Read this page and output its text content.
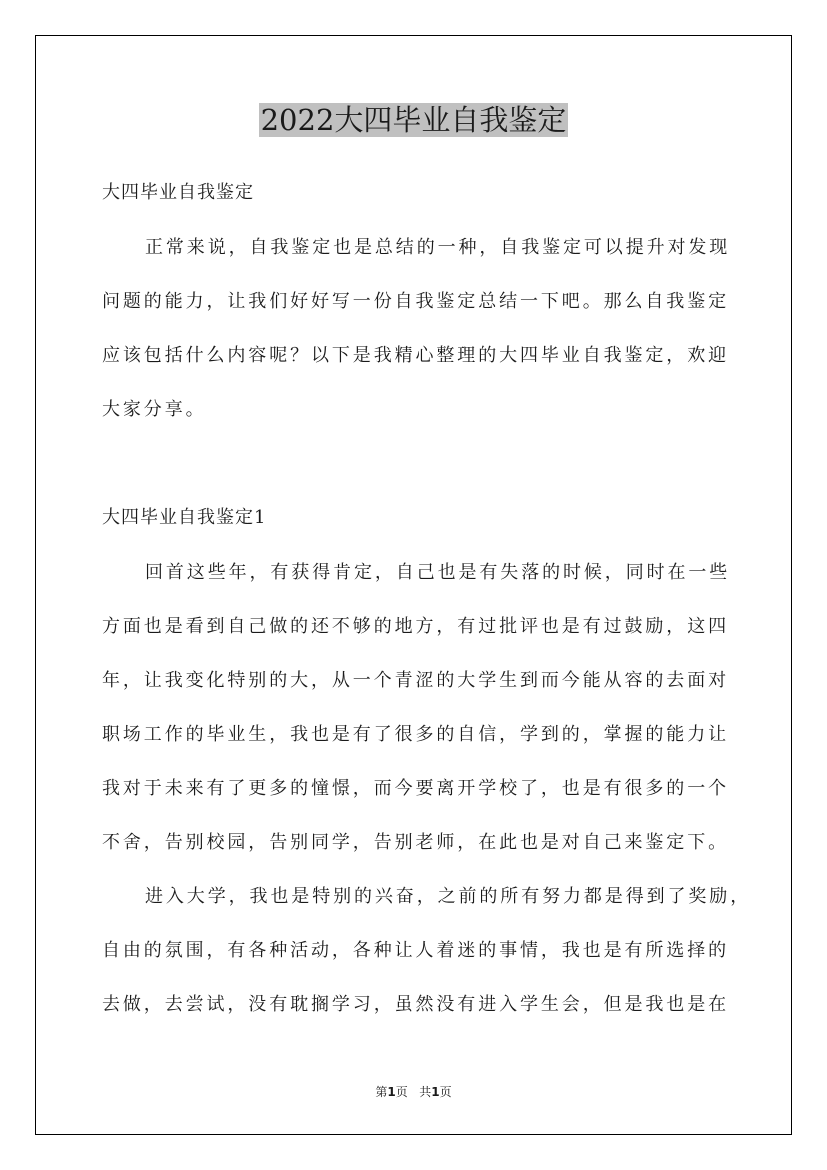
2022大四毕业自我鉴定
大四毕业自我鉴定
正常来说，自我鉴定也是总结的一种，自我鉴定可以提升对发现
问题的能力，让我们好好写一份自我鉴定总结一下吧。那么自我鉴定
应该包括什么内容呢？以下是我精心整理的大四毕业自我鉴定，欢迎
大家分享。
大四毕业自我鉴定1
回首这些年，有获得肯定，自己也是有失落的时候，同时在一些
方面也是看到自己做的还不够的地方，有过批评也是有过鼓励，这四
年，让我变化特别的大，从一个青涩的大学生到而今能从容的去面对
职场工作的毕业生，我也是有了很多的自信，学到的，掌握的能力让
我对于未来有了更多的憧憬，而今要离开学校了，也是有很多的一个
不舍，告别校园，告别同学，告别老师，在此也是对自己来鉴定下。
进入大学，我也是特别的兴奋，之前的所有努力都是得到了奖励，
自由的氛围，有各种活动，各种让人着迷的事情，我也是有所选择的
去做，去尝试，没有耽搁学习，虽然没有进入学生会，但是我也是在
第1页 共1页
